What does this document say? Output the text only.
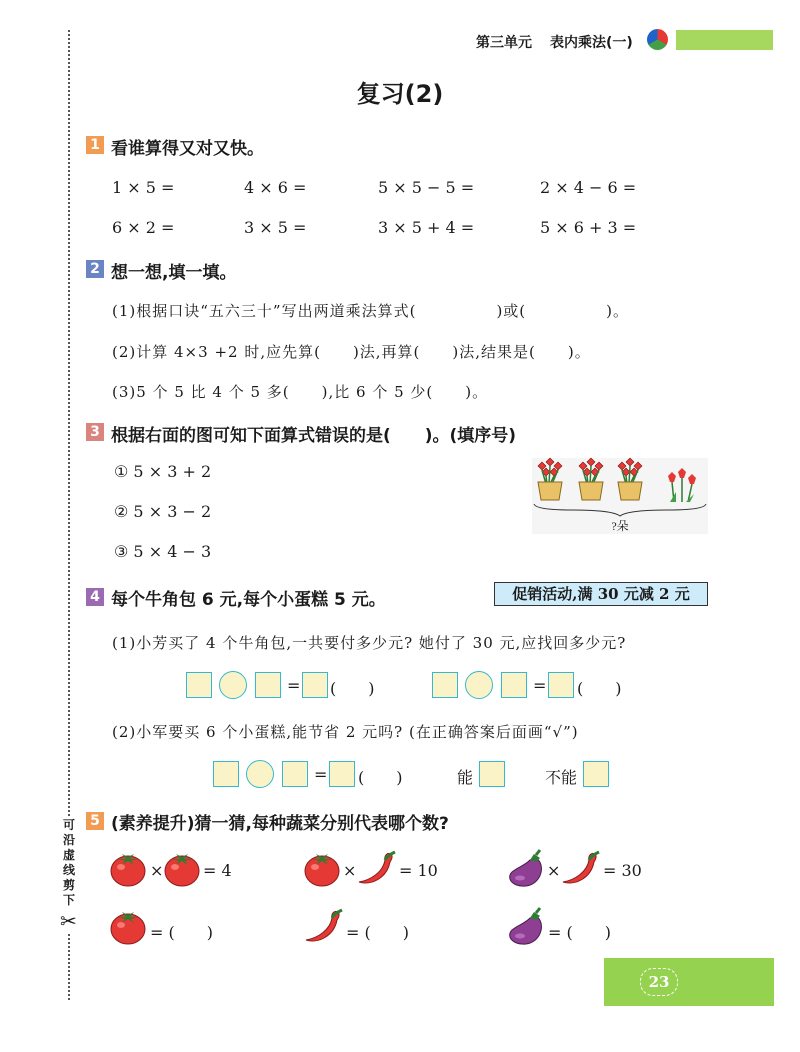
可沿虚线剪下
✂
第三单元 表内乘法(一)
复习(2)
1 看谁算得又对又快。
1 × 5 =	4 × 6 =	5 × 5 − 5 =	2 × 4 − 6 =
6 × 2 =	3 × 5 =	3 × 5 + 4 =	5 × 6 + 3 =
2 想一想,填一填。
(1)根据口诀“五六三十”写出两道乘法算式(　　　　　)或(　　　　　)。
(2)计算 4×3 +2 时,应先算(　　)法,再算(　　)法,结果是(　　)。
(3)5 个 5 比 4 个 5 多(　　),比 6 个 5 少(　　)。
3 根据右面的图可知下面算式错误的是(　　)。(填序号)
① 5 × 3 + 2
② 5 × 3 − 2
③ 5 × 4 − 3
?朵
4 每个牛角包 6 元,每个小蛋糕 5 元。	促销活动,满 30 元减 2 元
(1)小芳买了 4 个牛角包,一共要付多少元? 她付了 30 元,应找回多少元?
= (　　)	= (　　)
(2)小军要买 6 个小蛋糕,能节省 2 元吗? (在正确答案后面画“√”)
= (　　)	能	不能
5 (素养提升)猜一猜,每种蔬菜分别代表哪个数?
× = 4	×	= 10	×	= 30
= (　　)	= (　　)	= (　　)
23
